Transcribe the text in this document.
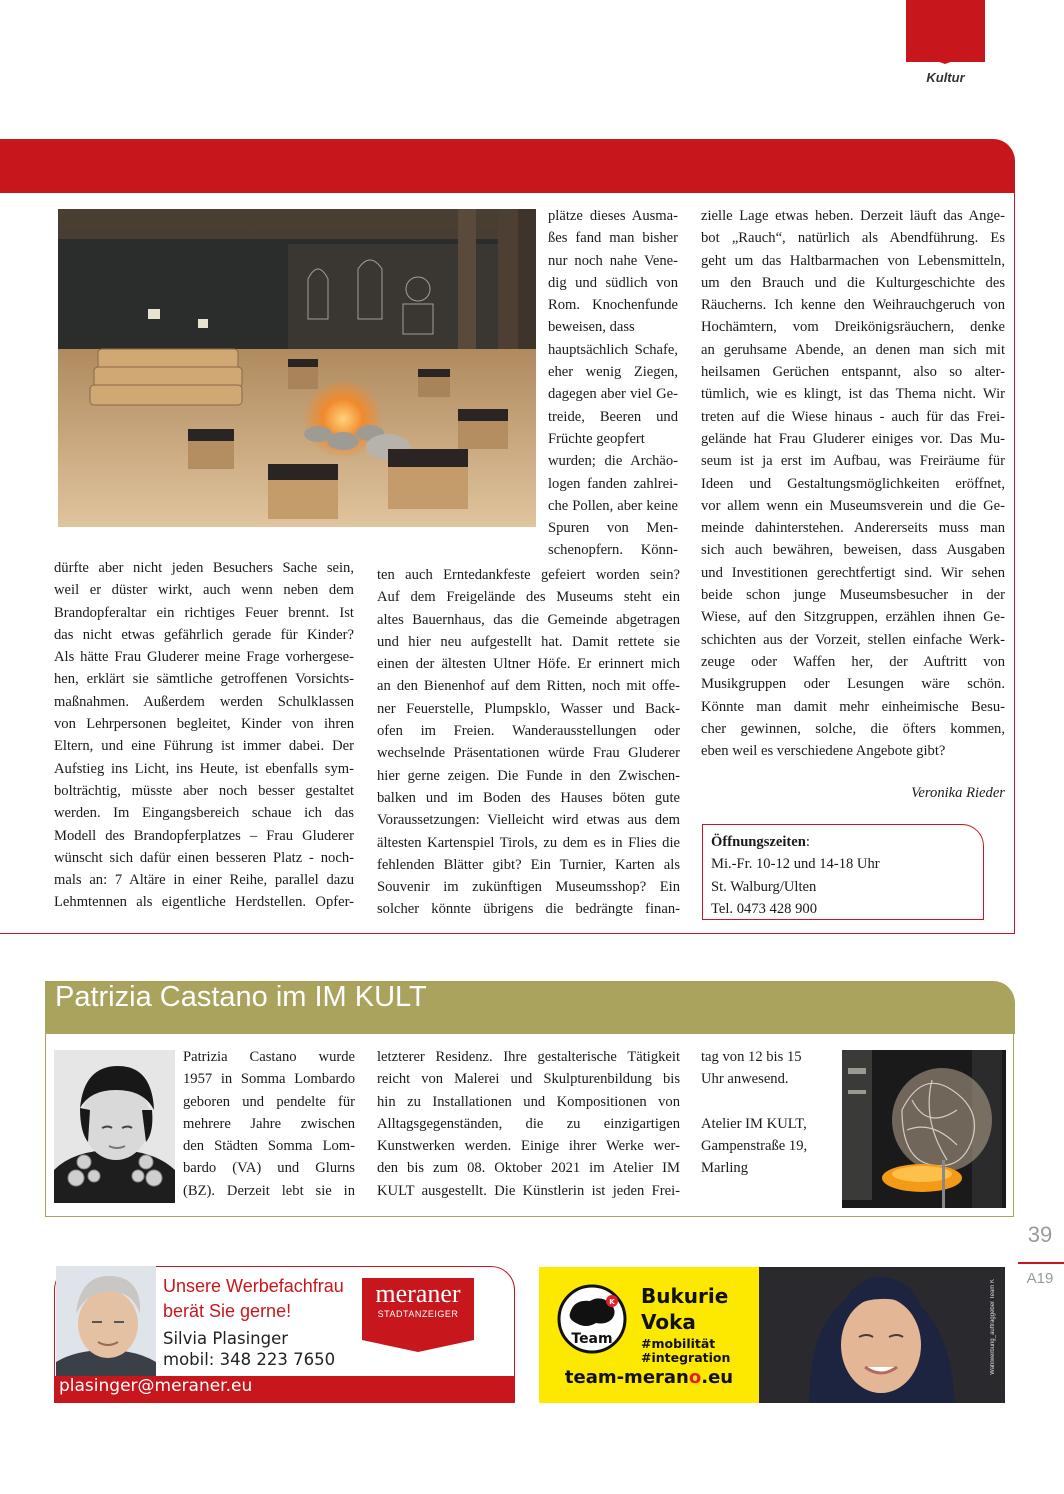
Kultur
plätze dieses Ausma-
ßes fand man bisher
nur noch nahe Vene-
dig und südlich von
Rom. Knochenfunde
beweisen, dass
hauptsächlich Schafe,
eher wenig Ziegen,
dagegen aber viel Ge-
treide, Beeren und
Früchte geopfert
wurden; die Archäo-
logen fanden zahlrei-
che Pollen, aber keine
Spuren von Men-
schenopfern. Könn-
dürfte aber nicht jeden Besuchers Sache sein,
weil er düster wirkt, auch wenn neben dem
Brandopferaltar ein richtiges Feuer brennt. Ist
das nicht etwas gefährlich gerade für Kinder?
Als hätte Frau Gluderer meine Frage vorhergese-
hen, erklärt sie sämtliche getroffenen Vorsichts-
maßnahmen. Außerdem werden Schulklassen
von Lehrpersonen begleitet, Kinder von ihren
Eltern, und eine Führung ist immer dabei. Der
Aufstieg ins Licht, ins Heute, ist ebenfalls sym-
bolträchtig, müsste aber noch besser gestaltet
werden. Im Eingangsbereich schaue ich das
Modell des Brandopferplatzes – Frau Gluderer
wünscht sich dafür einen besseren Platz - noch-
mals an: 7 Altäre in einer Reihe, parallel dazu
Lehmtennen als eigentliche Herdstellen. Opfer-
ten auch Erntedankfeste gefeiert worden sein?
Auf dem Freigelände des Museums steht ein
altes Bauernhaus, das die Gemeinde abgetragen
und hier neu aufgestellt hat. Damit rettete sie
einen der ältesten Ultner Höfe. Er erinnert mich
an den Bienenhof auf dem Ritten, noch mit offe-
ner Feuerstelle, Plumpsklo, Wasser und Back-
ofen im Freien. Wanderausstellungen oder
wechselnde Präsentationen würde Frau Gluderer
hier gerne zeigen. Die Funde in den Zwischen-
balken und im Boden des Hauses böten gute
Voraussetzungen: Vielleicht wird etwas aus dem
ältesten Kartenspiel Tirols, zu dem es in Flies die
fehlenden Blätter gibt? Ein Turnier, Karten als
Souvenir im zukünftigen Museumsshop? Ein
solcher könnte übrigens die bedrängte finan-
zielle Lage etwas heben. Derzeit läuft das Ange-
bot „Rauch“, natürlich als Abendführung. Es
geht um das Haltbarmachen von Lebensmitteln,
um den Brauch und die Kulturgeschichte des
Räucherns. Ich kenne den Weihrauchgeruch von
Hochämtern, vom Dreikönigsräuchern, denke
an geruhsame Abende, an denen man sich mit
heilsamen Gerüchen entspannt, also so alter-
tümlich, wie es klingt, ist das Thema nicht. Wir
treten auf die Wiese hinaus - auch für das Frei-
gelände hat Frau Gluderer einiges vor. Das Mu-
seum ist ja erst im Aufbau, was Freiräume für
Ideen und Gestaltungsmöglichkeiten eröffnet,
vor allem wenn ein Museumsverein und die Ge-
meinde dahinterstehen. Andererseits muss man
sich auch bewähren, beweisen, dass Ausgaben
und Investitionen gerechtfertigt sind. Wir sehen
beide schon junge Museumsbesucher in der
Wiese, auf den Sitzgruppen, erzählen ihnen Ge-
schichten aus der Vorzeit, stellen einfache Werk-
zeuge oder Waffen her, der Auftritt von
Musikgruppen oder Lesungen wäre schön.
Könnte man damit mehr einheimische Besu-
cher gewinnen, solche, die öfters kommen,
eben weil es verschiedene Angebote gibt?
Veronika Rieder
Öffnungszeiten:
Mi.-Fr. 10-12 und 14-18 Uhr
St. Walburg/Ulten
Tel. 0473 428 900
Patrizia Castano im IM KULT
Patrizia Castano wurde
1957 in Somma Lombardo
geboren und pendelte für
mehrere Jahre zwischen
den Städten Somma Lom-
bardo (VA) und Glurns
(BZ). Derzeit lebt sie in
letzterer Residenz. Ihre gestalterische Tätigkeit
reicht von Malerei und Skulpturenbildung bis
hin zu Installationen und Kompositionen von
Alltagsgegenständen, die zu einzigartigen
Kunstwerken werden. Einige ihrer Werke wer-
den bis zum 08. Oktober 2021 im Atelier IM
KULT ausgestellt. Die Künstlerin ist jeden Frei-
tag von 12 bis 15
Uhr anwesend.
Atelier IM KULT,
Gampenstraße 19,
Marling
39
A19
Unsere Werbefachfrau
berät Sie gerne!
Silvia Plasinger
mobil: 348 223 7650
meraner
STADTANZEIGER
plasinger@meraner.eu
K
Team
Bukurie
Voka
#mobilität
#integration
team-merano.eu
Wahlwerbung_auftraggeber Team K
